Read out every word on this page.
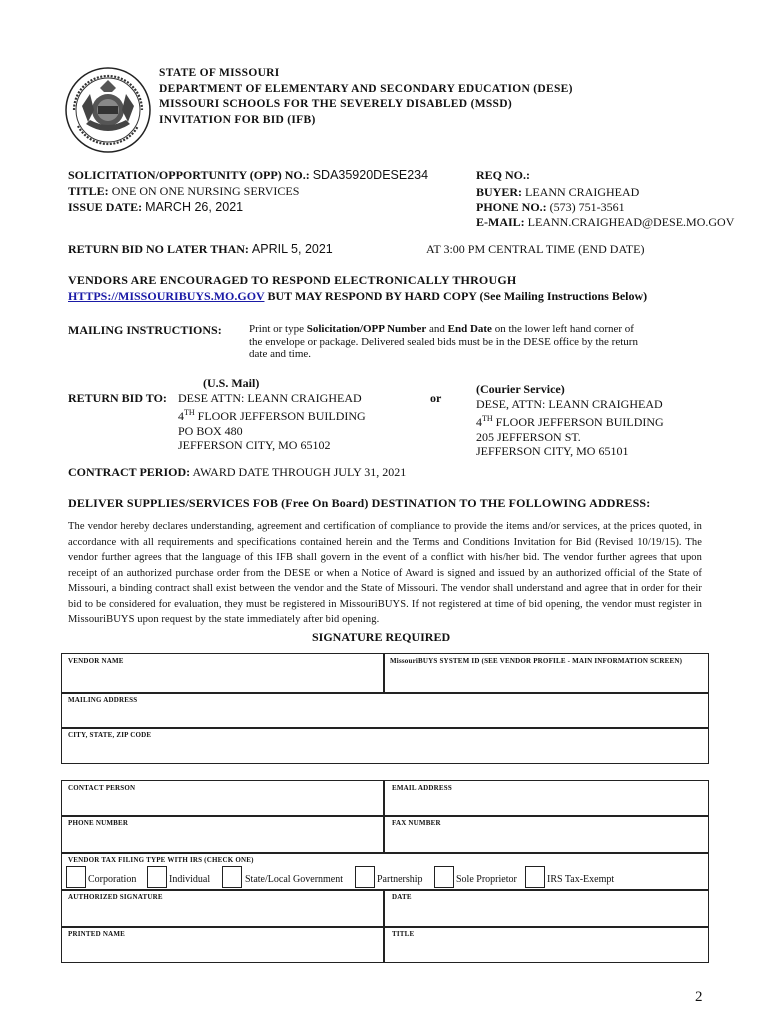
STATE OF MISSOURI
DEPARTMENT OF ELEMENTARY AND SECONDARY EDUCATION (DESE)
MISSOURI SCHOOLS FOR THE SEVERELY DISABLED (MSSD)
INVITATION FOR BID (IFB)
SOLICITATION/OPPORTUNITY (OPP) NO.: SDA35920DESE234
TITLE: ONE ON ONE NURSING SERVICES
ISSUE DATE: MARCH 26, 2021
REQ NO.:
BUYER: LEANN CRAIGHEAD
PHONE NO.: (573) 751-3561
E-MAIL: LEANN.CRAIGHEAD@DESE.MO.GOV
RETURN BID NO LATER THAN: APRIL 5, 2021	AT 3:00 PM CENTRAL TIME (END DATE)
VENDORS ARE ENCOURAGED TO RESPOND ELECTRONICALLY THROUGH
HTTPS://MISSOURIBUYS.MO.GOV BUT MAY RESPOND BY HARD COPY (See Mailing Instructions Below)
MAILING INSTRUCTIONS: Print or type Solicitation/OPP Number and End Date on the lower left hand corner of
the envelope or package. Delivered sealed bids must be in the DESE office by the return
date and time.
(U.S. Mail)
RETURN BID TO: DESE ATTN: LEANN CRAIGHEAD
4TH FLOOR JEFFERSON BUILDING
PO BOX 480
JEFFERSON CITY, MO 65102
or
(Courier Service)
DESE, ATTN: LEANN CRAIGHEAD
4TH FLOOR JEFFERSON BUILDING
205 JEFFERSON ST.
JEFFERSON CITY, MO 65101
CONTRACT PERIOD: AWARD DATE THROUGH JULY 31, 2021
DELIVER SUPPLIES/SERVICES FOB (Free On Board) DESTINATION TO THE FOLLOWING ADDRESS:
The vendor hereby declares understanding, agreement and certification of compliance to provide the items and/or services, at the prices quoted, in accordance with all requirements and specifications contained herein and the Terms and Conditions Invitation for Bid (Revised 10/19/15). The vendor further agrees that the language of this IFB shall govern in the event of a conflict with his/her bid. The vendor further agrees that upon receipt of an authorized purchase order from the DESE or when a Notice of Award is signed and issued by an authorized official of the State of Missouri, a binding contract shall exist between the vendor and the State of Missouri. The vendor shall understand and agree that in order for their bid to be considered for evaluation, they must be registered in MissouriBUYS. If not registered at time of bid opening, the vendor must register in MissouriBUYS upon request by the state immediately after bid opening.
SIGNATURE REQUIRED
VENDOR NAME	MissouriBUYS SYSTEM ID (SEE VENDOR PROFILE - MAIN INFORMATION SCREEN)
MAILING ADDRESS
CITY, STATE, ZIP CODE
CONTACT PERSON	EMAIL ADDRESS
PHONE NUMBER	FAX NUMBER
VENDOR TAX FILING TYPE WITH IRS (CHECK ONE)
Corporation	Individual	State/Local Government	Partnership	Sole Proprietor	IRS Tax-Exempt
AUTHORIZED SIGNATURE	DATE
PRINTED NAME	TITLE
2
